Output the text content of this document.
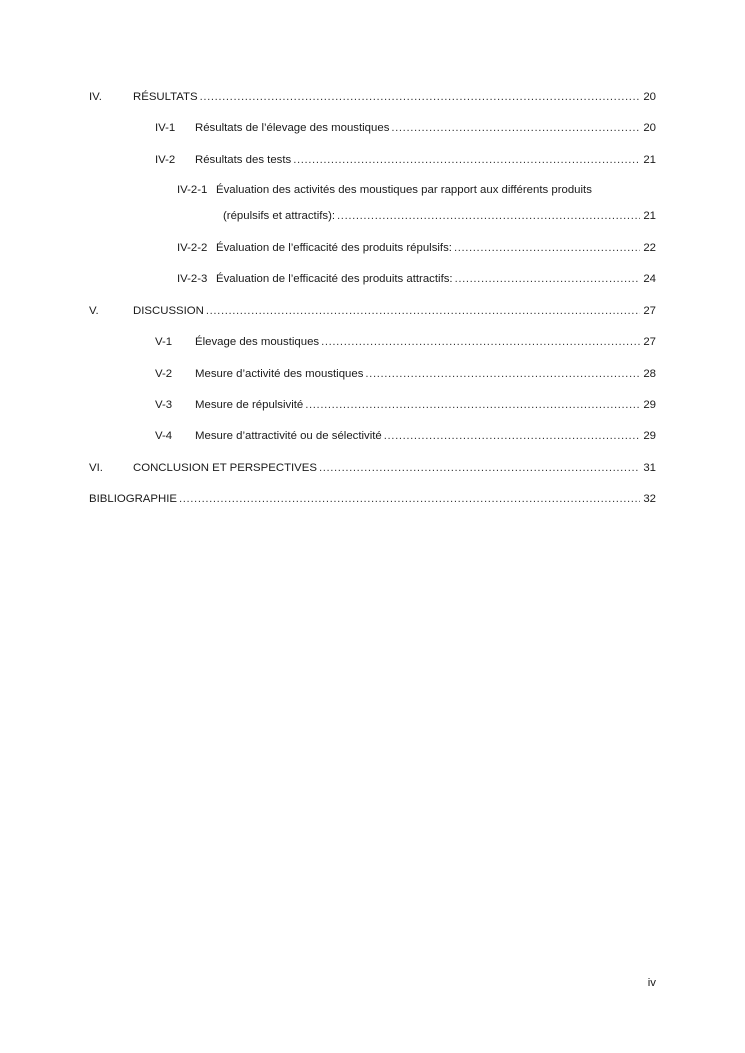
IV.	RÉSULTATS .....	20
IV-1 Résultats de l’élevage des moustiques .....	20
IV-2 Résultats des tests .....	21
IV-2-1 Évaluation des activités des moustiques par rapport aux différents produits
(répulsifs et attractifs): .....	21
IV-2-2 Évaluation de l’efficacité des produits répulsifs: .....	22
IV-2-3 Évaluation de l’efficacité des produits attractifs: .....	24
V.	DISCUSSION .....	27
V-1 Élevage des moustiques .....	27
V-2 Mesure d’activité des moustiques .....	28
V-3 Mesure de répulsivité .....	29
V-4 Mesure d’attractivité ou de sélectivité .....	29
VI.	CONCLUSION ET PERSPECTIVES .....	31
BIBLIOGRAPHIE .....	32
iv
